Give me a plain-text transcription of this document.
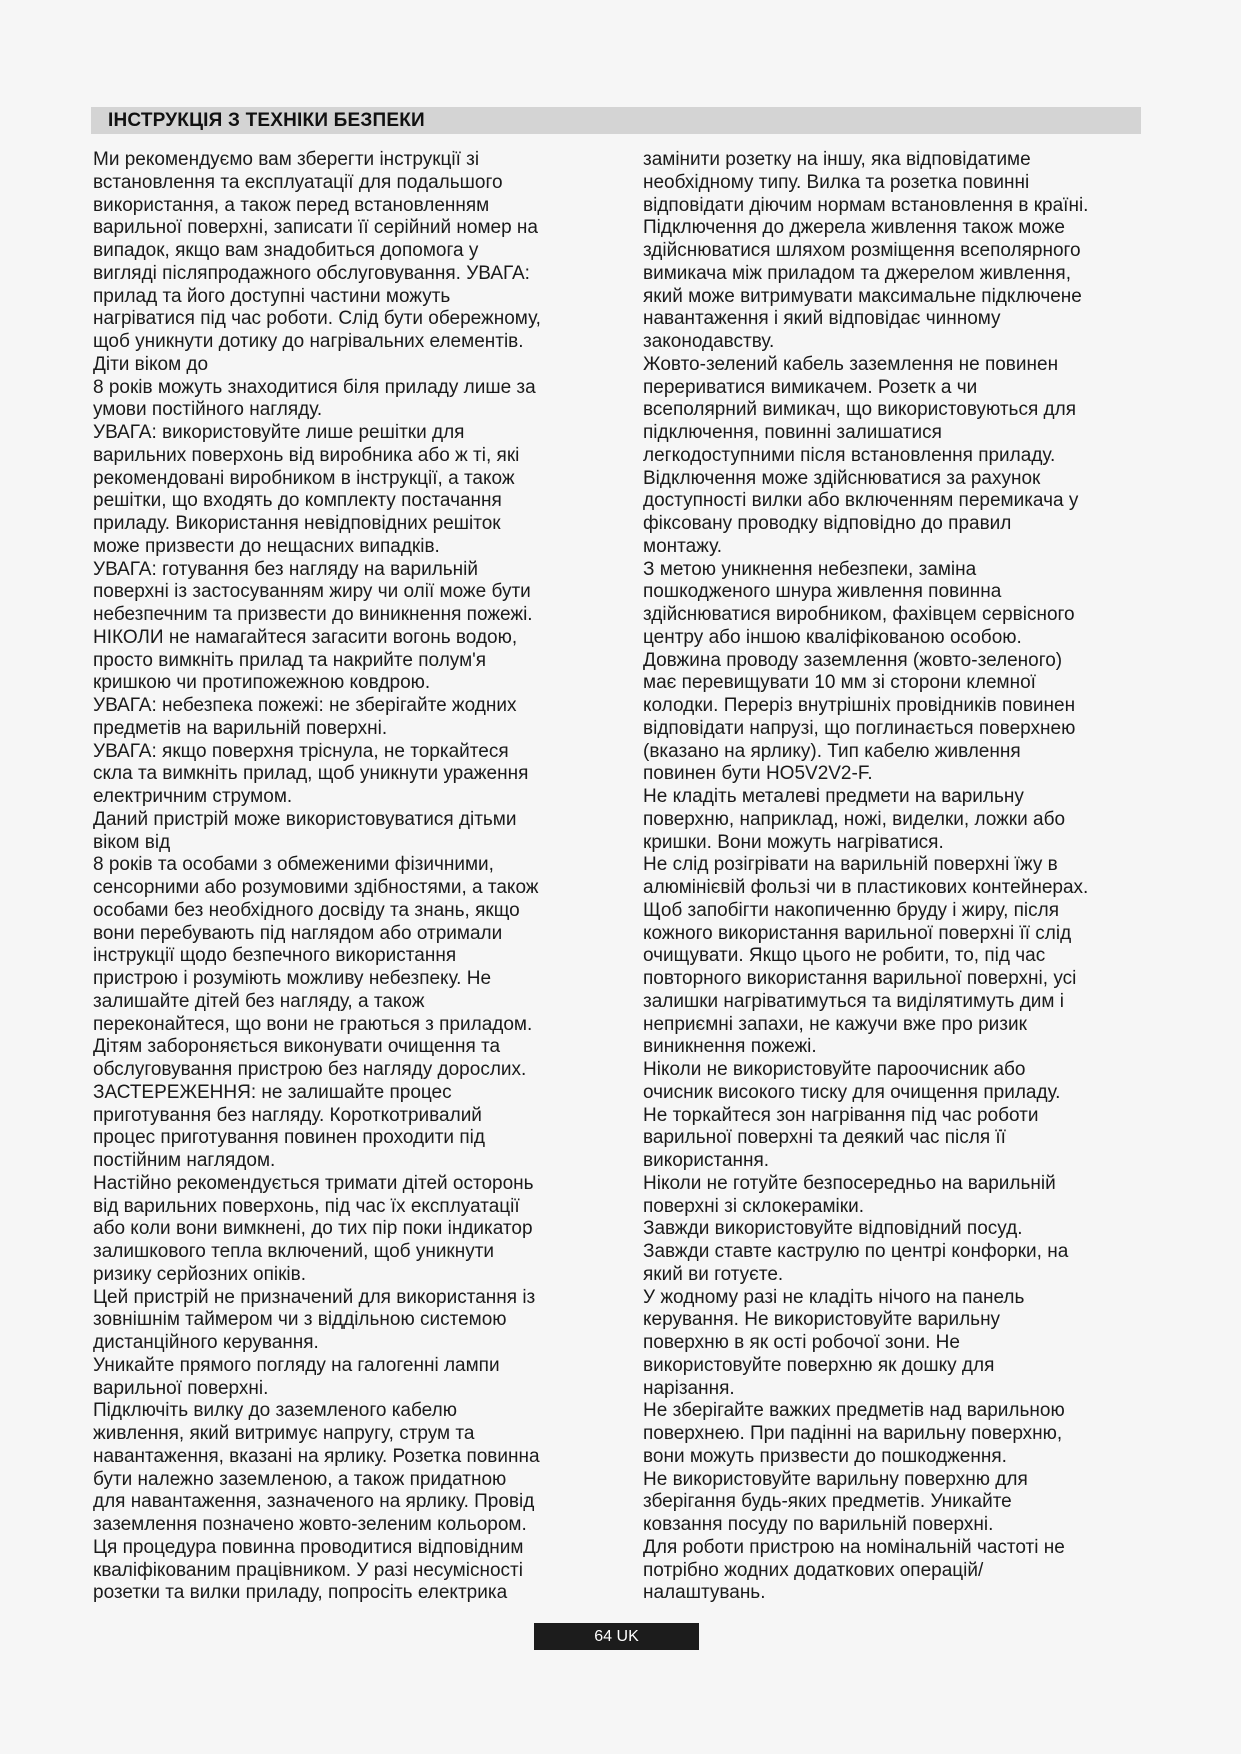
ІНСТРУКЦІЯ З ТЕХНІКИ БЕЗПЕКИ

Ми рекомендуємо вам зберегти інструкції зі

встановлення та експлуатації для подальшого

використання, а також перед встановленням

варильної поверхні, записати її серійний номер на

випадок, якщо вам знадобиться допомога у

вигляді післяпродажного обслуговування. УВАГА:

прилад та його доступні частини можуть

нагріватися під час роботи. Слід бути обережному,

щоб уникнути дотику до нагрівальних елементів.

Діти віком до

8 років можуть знаходитися біля приладу лише за

умови постійного нагляду.

УВАГА: використовуйте лише решітки для

варильних поверхонь від виробника або ж ті, які

рекомендовані виробником в інструкції, а також

решітки, що входять до комплекту постачання

приладу. Використання невідповідних решіток

може призвести до нещасних випадків.

УВАГА: готування без нагляду на варильній

поверхні із застосуванням жиру чи олії може бути

небезпечним та призвести до виникнення пожежі.

НІКОЛИ не намагайтеся загасити вогонь водою,

просто вимкніть прилад та накрийте полум'я

кришкою чи протипожежною ковдрою.

УВАГА: небезпека пожежі: не зберігайте жодних

предметів на варильній поверхні.

УВАГА: якщо поверхня тріснула, не торкайтеся

скла та вимкніть прилад, щоб уникнути ураження

електричним струмом.

Даний пристрій може використовуватися дітьми

віком від

8 років та особами з обмеженими фізичними,

сенсорними або розумовими здібностями, а також

особами без необхідного досвіду та знань, якщо

вони перебувають під наглядом або отримали

інструкції щодо безпечного використання

пристрою і розуміють можливу небезпеку. Не

залишайте дітей без нагляду, а також

переконайтеся, що вони не граються з приладом.

Дітям забороняється виконувати очищення та

обслуговування пристрою без нагляду дорослих.

ЗАСТЕРЕЖЕННЯ: не залишайте процес

приготування без нагляду. Короткотривалий

процес приготування повинен проходити під

постійним наглядом.

Настійно рекомендується тримати дітей осторонь

від варильних поверхонь, під час їх експлуатації

або коли вони вимкнені, до тих пір поки індикатор

залишкового тепла включений, щоб уникнути

ризику серйозних опіків.

Цей пристрій не призначений для використання із

зовнішнім таймером чи з віддільною системою

дистанційного керування.

Уникайте прямого погляду на галогенні лампи

варильної поверхні.

Підключіть вилку до заземленого кабелю

живлення, який витримує напругу, струм та

навантаження, вказані на ярлику. Розетка повинна

бути належно заземленою, а також придатною

для навантаження, зазначеного на ярлику. Провід

заземлення позначено жовто-зеленим кольором.

Ця процедура повинна проводитися відповідним

кваліфікованим працівником. У разі несумісності

розетки та вилки приладу, попросіть електрика

замінити розетку на іншу, яка відповідатиме

необхідному типу. Вилка та розетка повинні

відповідати діючим нормам встановлення в країні.

Підключення до джерела живлення також може

здійснюватися шляхом розміщення всеполярного

вимикача між приладом та джерелом живлення,

який може витримувати максимальне підключене

навантаження і який відповідає чинному

законодавству.

Жовто-зелений кабель заземлення не повинен

перериватися вимикачем. Розетк а чи

всеполярний вимикач, що використовуються для

підключення, повинні залишатися

легкодоступними після встановлення приладу.

Відключення може здійснюватися за рахунок

доступності вилки або включенням перемикача у

фіксовану проводку відповідно до правил

монтажу.

З метою уникнення небезпеки, заміна

пошкодженого шнура живлення повинна

здійснюватися виробником, фахівцем сервісного

центру або іншою кваліфікованою особою.

Довжина проводу заземлення (жовто-зеленого)

має перевищувати 10 мм зі сторони клемної

колодки. Переріз внутрішніх провідників повинен

відповідати напрузі, що поглинається поверхнею

(вказано на ярлику). Тип кабелю живлення

повинен бути HO5V2V2-F.

Не кладіть металеві предмети на варильну

поверхню, наприклад, ножі, виделки, ложки або

кришки. Вони можуть нагріватися.

Не слід розігрівати на варильній поверхні їжу в

алюмінієвій фользі чи в пластикових контейнерах.

Щоб запобігти накопиченню бруду і жиру, після

кожного використання варильної поверхні її слід

очищувати. Якщо цього не робити, то, під час

повторного використання варильної поверхні, усі

залишки нагріватимуться та виділятимуть дим і

неприємні запахи, не кажучи вже про ризик

виникнення пожежі.

Ніколи не використовуйте пароочисник або

очисник високого тиску для очищення приладу.

Не торкайтеся зон нагрівання під час роботи

варильної поверхні та деякий час після її

використання.

Ніколи не готуйте безпосередньо на варильній

поверхні зі склокераміки.

Завжди використовуйте відповідний посуд.

Завжди ставте каструлю по центрі конфорки, на

який ви готуєте.

У жодному разі не кладіть нічого на панель

керування. Не використовуйте варильну

поверхню в як ості робочої зони. Не

використовуйте поверхню як дошку для

нарізання.

Не зберігайте важких предметів над варильною

поверхнею. При падінні на варильну поверхню,

вони можуть призвести до пошкодження.

Не використовуйте варильну поверхню для

зберігання будь-яких предметів. Уникайте

ковзання посуду по варильній поверхні.

Для роботи пристрою на номінальній частоті не

потрібно жодних додаткових операцій/

налаштувань.

64 UK
